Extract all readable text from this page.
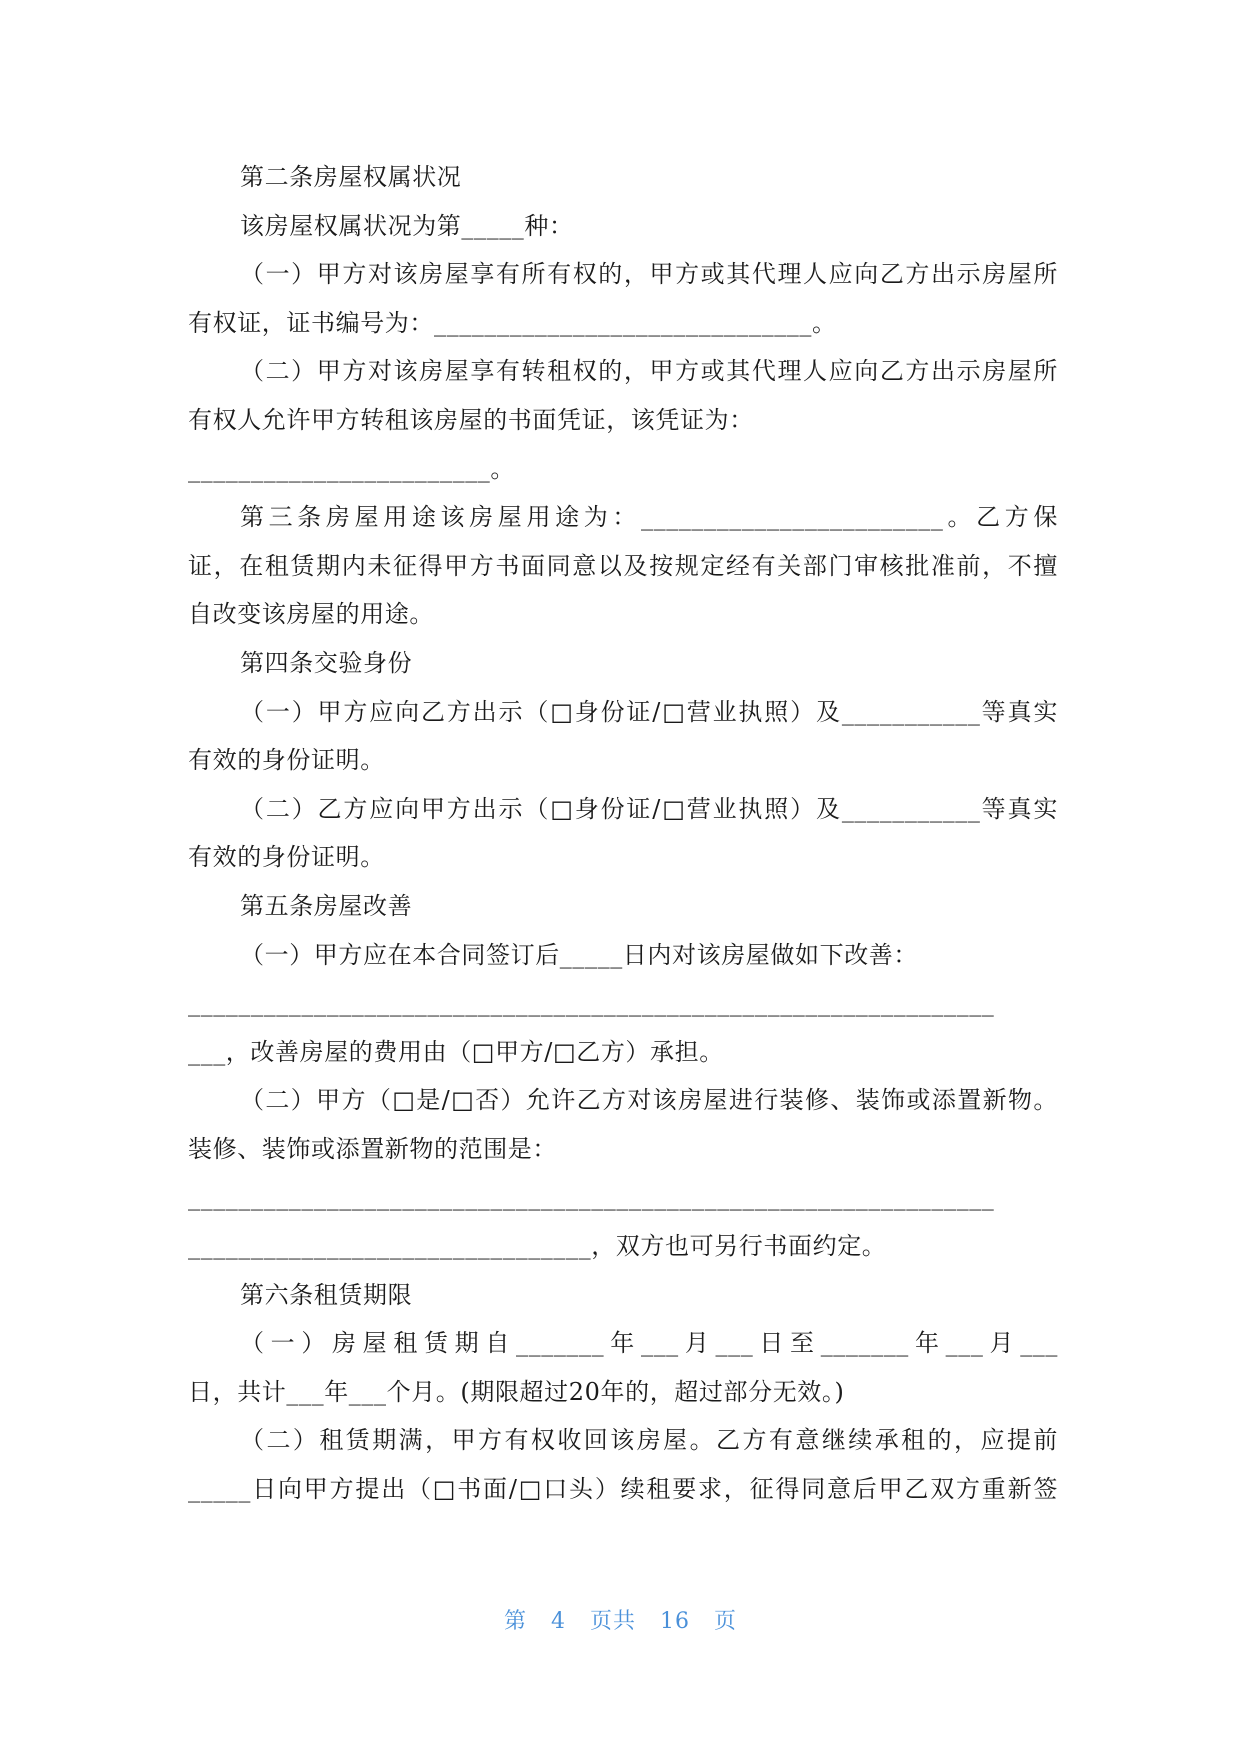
第二条房屋权属状况
该房屋权属状况为第_____种：
（一）甲方对该房屋享有所有权的，甲方或其代理人应向乙方出示房屋所
有权证，证书编号为：______________________________。
（二）甲方对该房屋享有转租权的，甲方或其代理人应向乙方出示房屋所
有权人允许甲方转租该房屋的书面凭证，该凭证为：
________________________。
第三条房屋用途该房屋用途为：________________________。乙方保
证，在租赁期内未征得甲方书面同意以及按规定经有关部门审核批准前，不擅
自改变该房屋的用途。
第四条交验身份
（一）甲方应向乙方出示（□身份证/□营业执照）及___________等真实
有效的身份证明。
（二）乙方应向甲方出示（□身份证/□营业执照）及___________等真实
有效的身份证明。
第五条房屋改善
（一）甲方应在本合同签订后_____日内对该房屋做如下改善：
________________________________________________________________
___，改善房屋的费用由（□甲方/□乙方）承担。
（二）甲方（□是/□否）允许乙方对该房屋进行装修、装饰或添置新物。
装修、装饰或添置新物的范围是：
________________________________________________________________
________________________________，双方也可另行书面约定。
第六条租赁期限
（一）房屋租赁期自_______年___月___日至_______年___月___
日，共计___年___个月。(期限超过20年的，超过部分无效。)
（二）租赁期满，甲方有权收回该房屋。乙方有意继续承租的，应提前
_____日向甲方提出（□书面/□口头）续租要求，征得同意后甲乙双方重新签
第 4 页共 16 页
